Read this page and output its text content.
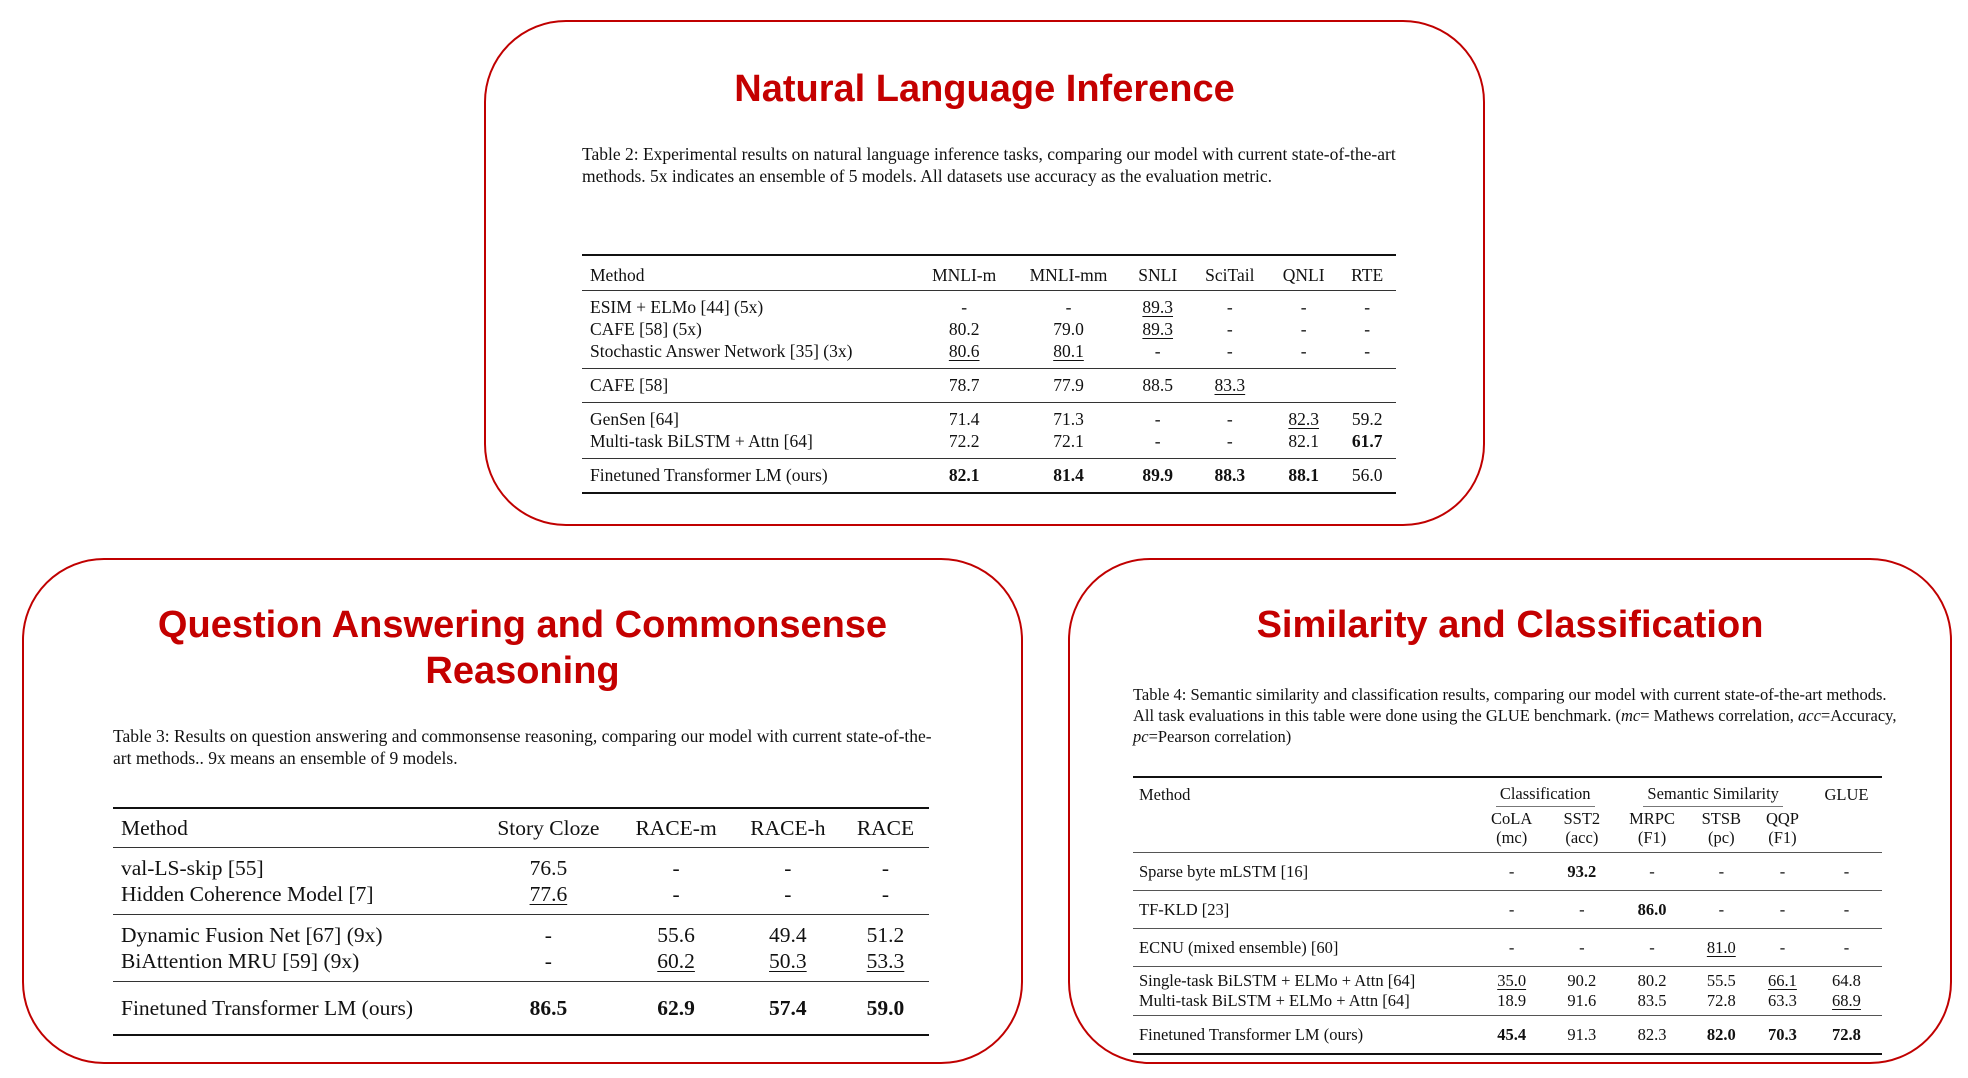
Natural Language Inference
Table 2: Experimental results on natural language inference tasks, comparing our model with current state-of-the-art methods. 5x indicates an ensemble of 5 models. All datasets use accuracy as the evaluation metric.
Method	MNLI-m	MNLI-mm	SNLI	SciTail	QNLI	RTE
ESIM + ELMo [44] (5x)	-	-	89.3	-	-	-
CAFE [58] (5x)	80.2	79.0	89.3	-	-	-
Stochastic Answer Network [35] (3x)	80.6	80.1	-	-	-	-
CAFE [58]	78.7	77.9	88.5	83.3		
GenSen [64]	71.4	71.3	-	-	82.3	59.2
Multi-task BiLSTM + Attn [64]	72.2	72.1	-	-	82.1	61.7
Finetuned Transformer LM (ours)	82.1	81.4	89.9	88.3	88.1	56.0
Question Answering and Commonsense Reasoning
Table 3: Results on question answering and commonsense reasoning, comparing our model with current state-of-the-art methods.. 9x means an ensemble of 9 models.
Method	Story Cloze	RACE-m	RACE-h	RACE
val-LS-skip [55]	76.5	-	-	-
Hidden Coherence Model [7]	77.6	-	-	-
Dynamic Fusion Net [67] (9x)	-	55.6	49.4	51.2
BiAttention MRU [59] (9x)	-	60.2	50.3	53.3
Finetuned Transformer LM (ours)	86.5	62.9	57.4	59.0
Similarity and Classification
Table 4: Semantic similarity and classification results, comparing our model with current state-of-the-art methods. All task evaluations in this table were done using the GLUE benchmark. (mc= Mathews correlation, acc=Accuracy, pc=Pearson correlation)
Method	Classification		Semantic Similarity			GLUE
	CoLA	SST2	MRPC	STSB	QQP	
	(mc)	(acc)	(F1)	(pc)	(F1)	
Sparse byte mLSTM [16]	-	93.2	-	-	-	-
TF-KLD [23]	-	-	86.0	-	-	-
ECNU (mixed ensemble) [60]	-	-	-	81.0	-	-
Single-task BiLSTM + ELMo + Attn [64]	35.0	90.2	80.2	55.5	66.1	64.8
Multi-task BiLSTM + ELMo + Attn [64]	18.9	91.6	83.5	72.8	63.3	68.9
Finetuned Transformer LM (ours)	45.4	91.3	82.3	82.0	70.3	72.8
